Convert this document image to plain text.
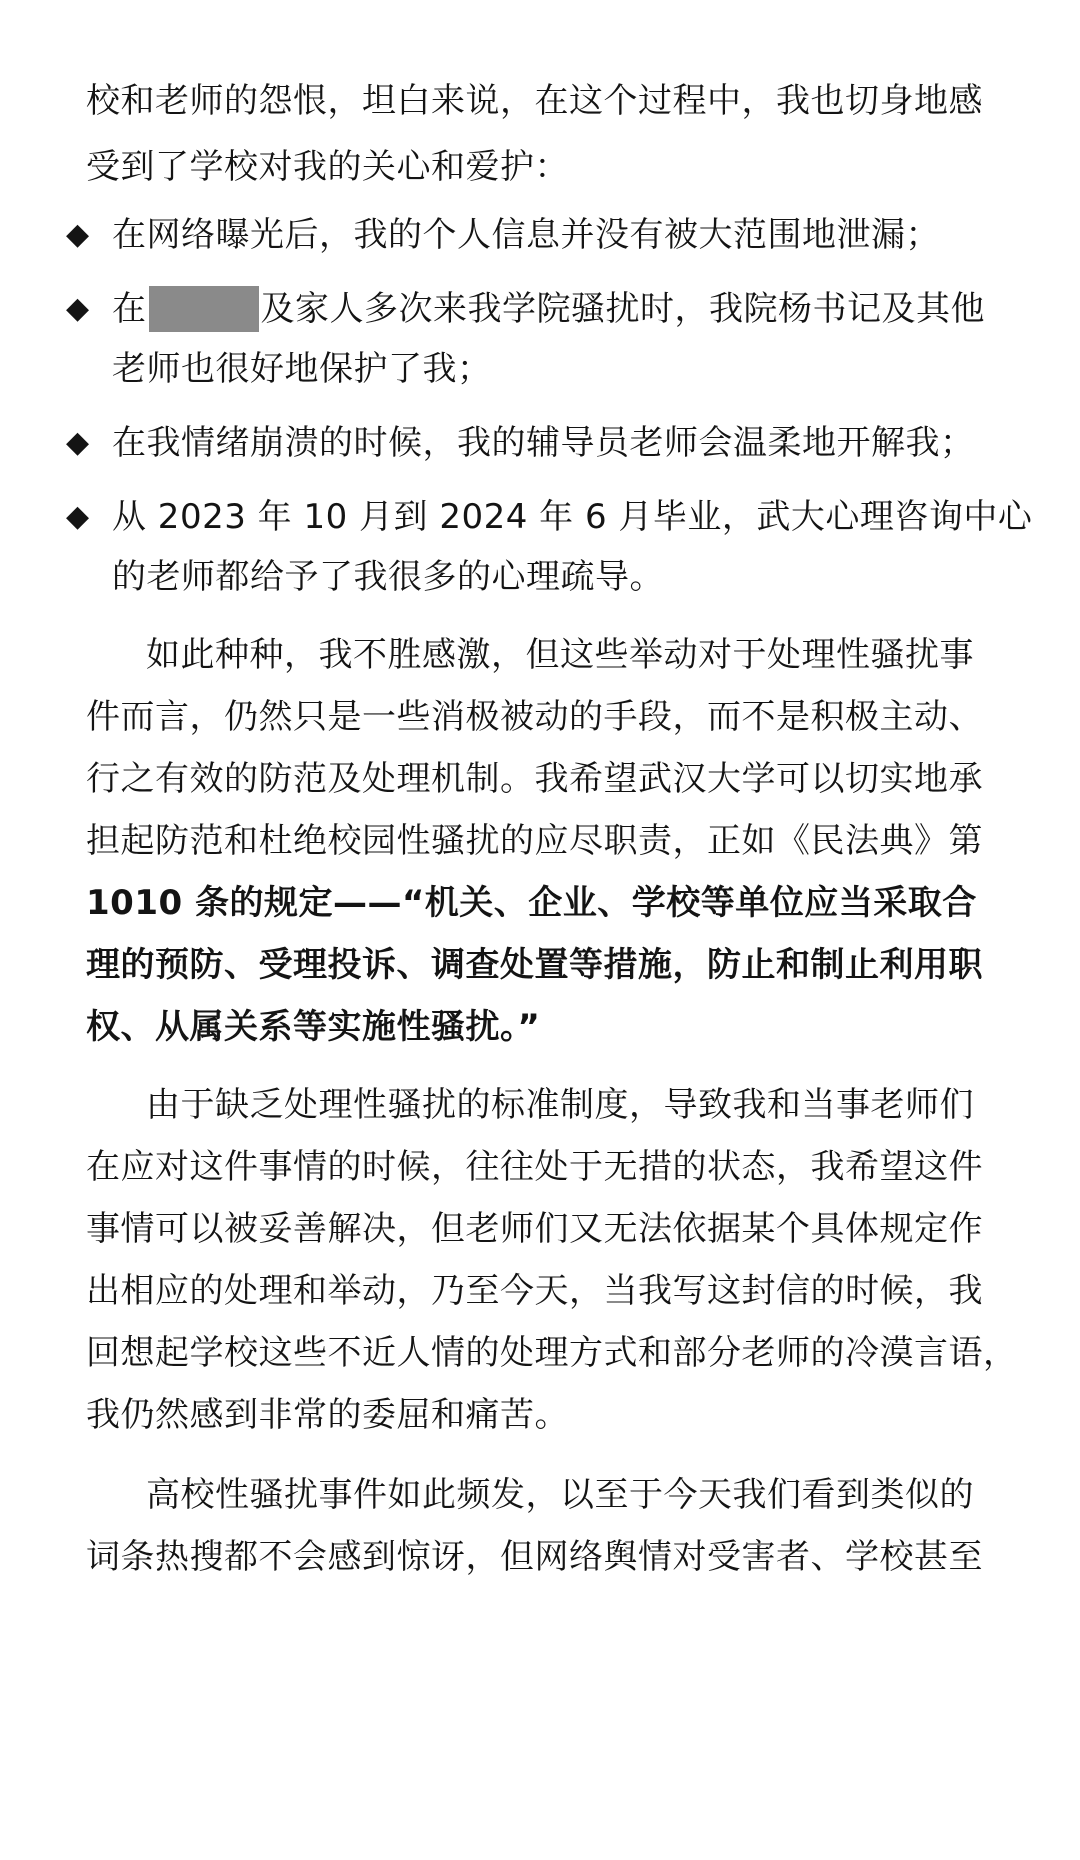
校和老师的怨恨，坦白来说，在这个过程中，我也切身地感
受到了学校对我的关心和爱护：
◆ 在网络曝光后，我的个人信息并没有被大范围地泄漏；
◆ 在	及家人多次来我学院骚扰时，我院杨书记及其他
老师也很好地保护了我；
◆ 在我情绪崩溃的时候，我的辅导员老师会温柔地开解我；
◆ 从 2023 年 10 月到 2024 年 6 月毕业，武大心理咨询中心
的老师都给予了我很多的心理疏导。
如此种种，我不胜感激，但这些举动对于处理性骚扰事
件而言，仍然只是一些消极被动的手段，而不是积极主动、
行之有效的防范及处理机制。我希望武汉大学可以切实地承
担起防范和杜绝校园性骚扰的应尽职责，正如《民法典》第
1010 条的规定——“机关、企业、学校等单位应当采取合
理的预防、受理投诉、调查处置等措施，防止和制止利用职
权、从属关系等实施性骚扰。”
由于缺乏处理性骚扰的标准制度，导致我和当事老师们
在应对这件事情的时候，往往处于无措的状态，我希望这件
事情可以被妥善解决，但老师们又无法依据某个具体规定作
出相应的处理和举动，乃至今天，当我写这封信的时候，我
回想起学校这些不近人情的处理方式和部分老师的冷漠言语，
我仍然感到非常的委屈和痛苦。
高校性骚扰事件如此频发，以至于今天我们看到类似的
词条热搜都不会感到惊讶，但网络舆情对受害者、学校甚至
